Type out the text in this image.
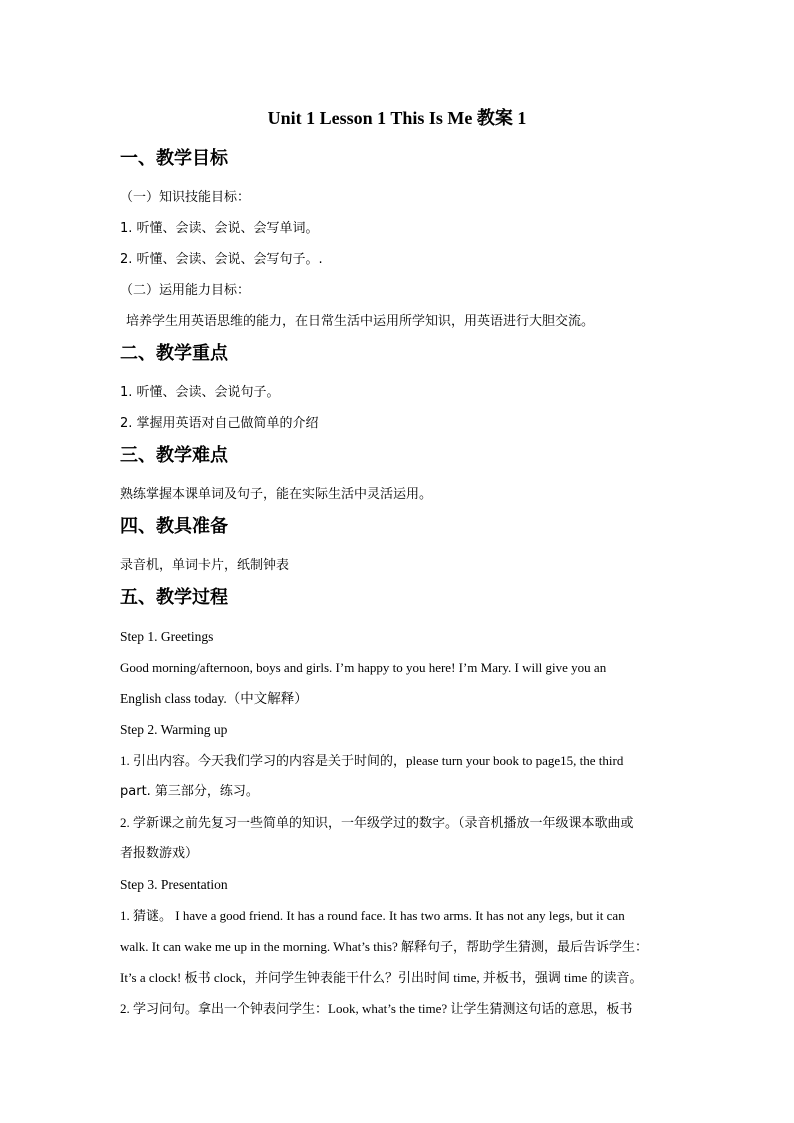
Unit 1 Lesson 1 This Is Me 教案 1
一、教学目标

（一）知识技能目标：

1. 听懂、会读、会说、会写单词。

2. 听懂、会读、会说、会写句子。.

（二）运用能力目标：

培养学生用英语思维的能力，在日常生活中运用所学知识，用英语进行大胆交流。

二、教学重点

1. 听懂、会读、会说句子。

2. 掌握用英语对自己做简单的介绍

三、教学难点

熟练掌握本课单词及句子，能在实际生活中灵活运用。

四、教具准备

录音机，单词卡片，纸制钟表

五、教学过程

Step 1. Greetings

Good morning/afternoon, boys and girls. I’m happy to you here! I’m Mary. I will give you an

English class today.（中文解释）

Step 2. Warming up

1. 引出内容。今天我们学习的内容是关于时间的，please turn your book to page15, the third

part. 第三部分，练习。

2. 学新课之前先复习一些简单的知识，一年级学过的数字。（录音机播放一年级课本歌曲或

者报数游戏）

Step 3. Presentation

1. 猜谜。 I have a good friend. It has a round face. It has two arms. It has not any legs, but it can

walk. It can wake me up in the morning. What’s this? 解释句子，帮助学生猜测，最后告诉学生：

It’s a clock! 板书 clock，并问学生钟表能干什么？引出时间 time, 并板书，强调 time 的读音。

2. 学习问句。拿出一个钟表问学生：Look, what’s the time? 让学生猜测这句话的意思，板书
